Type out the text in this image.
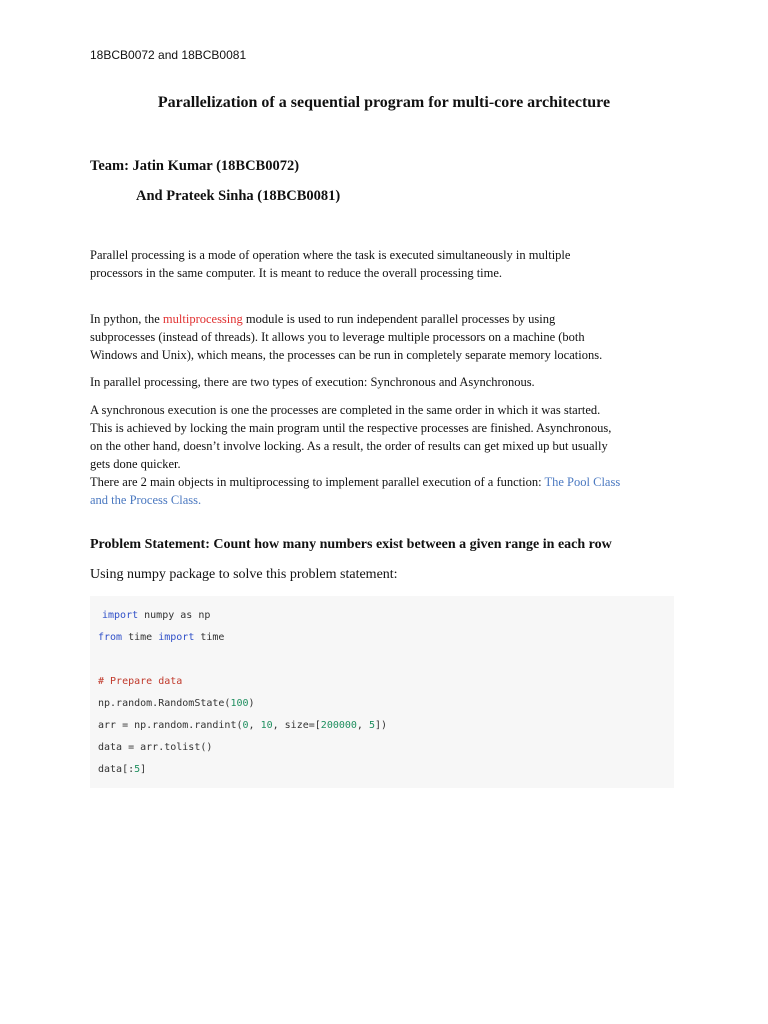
18BCB0072 and 18BCB0081
Parallelization of a sequential program for multi-core architecture
Team: Jatin Kumar (18BCB0072)
And Prateek Sinha (18BCB0081)
Parallel processing is a mode of operation where the task is executed simultaneously in multiple
processors in the same computer. It is meant to reduce the overall processing time.
In python, the multiprocessing module is used to run independent parallel processes by using
subprocesses (instead of threads). It allows you to leverage multiple processors on a machine (both
Windows and Unix), which means, the processes can be run in completely separate memory locations.
In parallel processing, there are two types of execution: Synchronous and Asynchronous.
A synchronous execution is one the processes are completed in the same order in which it was started.
This is achieved by locking the main program until the respective processes are finished. Asynchronous,
on the other hand, doesn’t involve locking. As a result, the order of results can get mixed up but usually
gets done quicker.
There are 2 main objects in multiprocessing to implement parallel execution of a function: The Pool Class
and the Process Class.
Problem Statement: Count how many numbers exist between a given range in each row
Using numpy package to solve this problem statement:
import numpy as np
from time import time
# Prepare data
np.random.RandomState(100)
arr = np.random.randint(0, 10, size=[200000, 5])
data = arr.tolist()
data[:5]
